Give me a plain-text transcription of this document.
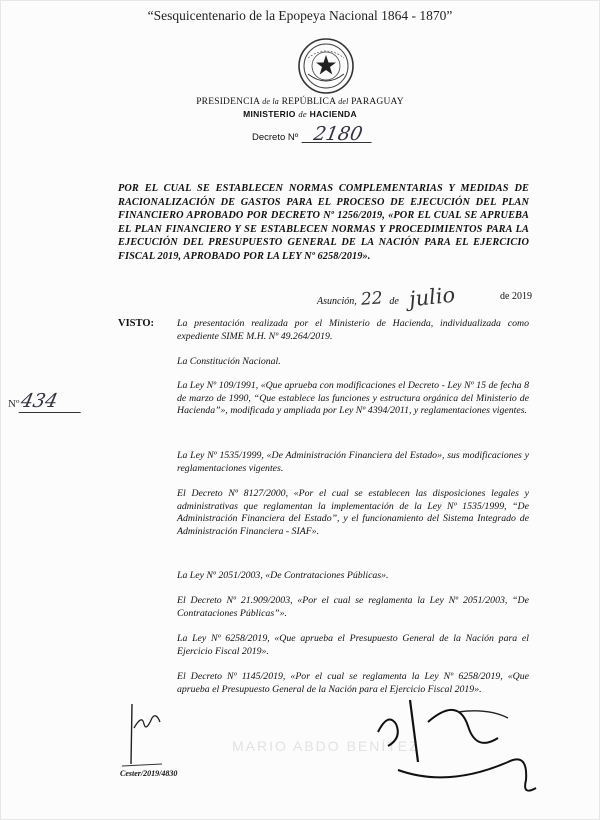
“Sesquicentenario de la Epopeya Nacional 1864 - 1870”
PRESIDENCIA de la REPÚBLICA del PARAGUAY
MINISTERIO de HACIENDA
Decreto Nº 2180
POR EL CUAL SE ESTABLECEN NORMAS COMPLEMENTARIAS Y MEDIDAS DE RACIONALIZACIÓN DE GASTOS PARA EL PROCESO DE EJECUCIÓN DEL PLAN FINANCIERO APROBADO POR DECRETO Nº 1256/2019, «POR EL CUAL SE APRUEBA EL PLAN FINANCIERO Y SE ESTABLECEN NORMAS Y PROCEDIMIENTOS PARA LA EJECUCIÓN DEL PRESUPUESTO GENERAL DE LA NACIÓN PARA EL EJERCICIO FISCAL 2019, APROBADO POR LA LEY Nº 6258/2019».
Asunción, 22 de julio	de 2019
VISTO:
Nº434
La presentación realizada por el Ministerio de Hacienda, individualizada como expediente SIME M.H. Nº 49.264/2019.
La Constitución Nacional.
La Ley Nº 109/1991, «Que aprueba con modificaciones el Decreto - Ley Nº 15 de fecha 8 de marzo de 1990, “Que establece las funciones y estructura orgánica del Ministerio de Hacienda”», modificada y ampliada por Ley Nº 4394/2011, y reglamentaciones vigentes.
La Ley Nº 1535/1999, «De Administración Financiera del Estado», sus modificaciones y reglamentaciones vigentes.
El Decreto Nº 8127/2000, «Por el cual se establecen las disposiciones legales y administrativas que reglamentan la implementación de la Ley Nº 1535/1999, “De Administración Financiera del Estado”, y el funcionamiento del Sistema Integrado de Administración Financiera - SIAF».
La Ley Nº 2051/2003, «De Contrataciones Públicas».
El Decreto Nº 21.909/2003, «Por el cual se reglamenta la Ley Nº 2051/2003, “De Contrataciones Públicas”».
La Ley Nº 6258/2019, «Que aprueba el Presupuesto General de la Nación para el Ejercicio Fiscal 2019».
El Decreto Nº 1145/2019, «Por el cual se reglamenta la Ley Nº 6258/2019, «Que aprueba el Presupuesto General de la Nación para el Ejercicio Fiscal 2019».
MARIO ABDO BENÍTEZ
Cester/2019/4830
